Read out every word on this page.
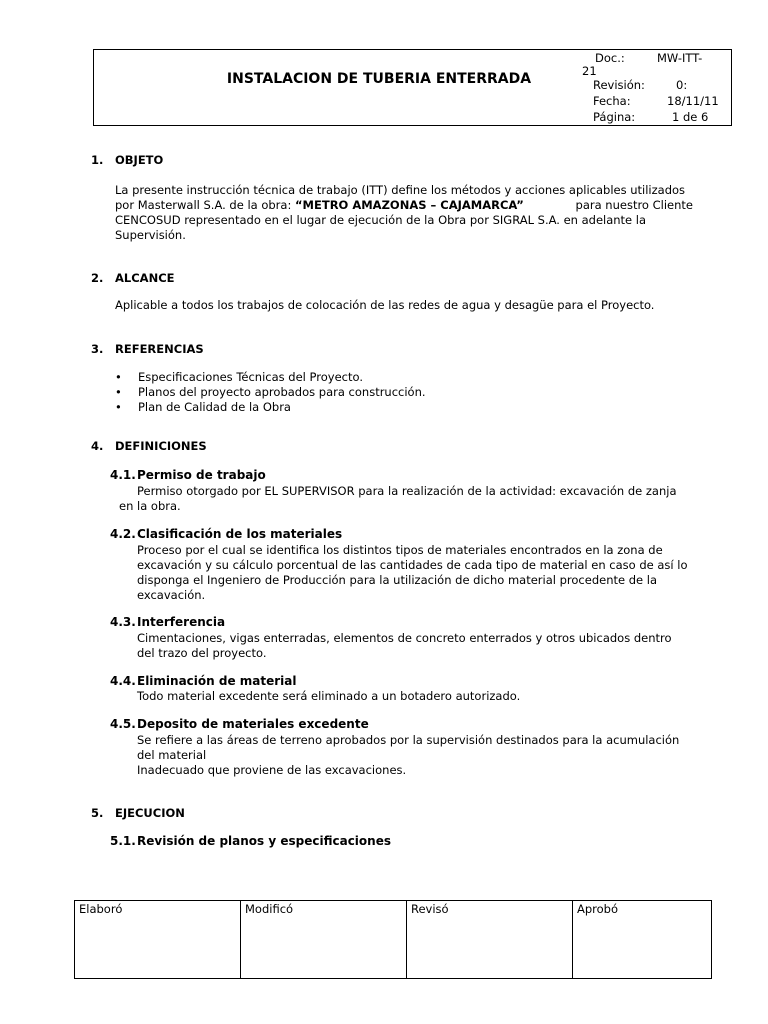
INSTALACION DE TUBERIA ENTERRADA
Doc.:	MW-ITT-
21
Revisión:	0:
Fecha:	18/11/11
Página:	1 de 6
1. OBJETO
La presente instrucción técnica de trabajo (ITT) define los métodos y acciones aplicables utilizados
por Masterwall S.A. de la obra: “METRO AMAZONAS – CAJAMARCA”	para nuestro Cliente
CENCOSUD representado en el lugar de ejecución de la Obra por SIGRAL S.A. en adelante la
Supervisión.
2. ALCANCE
Aplicable a todos los trabajos de colocación de las redes de agua y desagüe para el Proyecto.
3. REFERENCIAS
• Especificaciones Técnicas del Proyecto.
• Planos del proyecto aprobados para construcción.
• Plan de Calidad de la Obra
4. DEFINICIONES
4.1.Permiso de trabajo
Permiso otorgado por EL SUPERVISOR para la realización de la actividad: excavación de zanja
en la obra.
4.2.Clasificación de los materiales
Proceso por el cual se identifica los distintos tipos de materiales encontrados en la zona de
excavación y su cálculo porcentual de las cantidades de cada tipo de material en caso de así lo
disponga el Ingeniero de Producción para la utilización de dicho material procedente de la
excavación.
4.3.Interferencia
Cimentaciones, vigas enterradas, elementos de concreto enterrados y otros ubicados dentro
del trazo del proyecto.
4.4.Eliminación de material
Todo material excedente será eliminado a un botadero autorizado.
4.5.Deposito de materiales excedente
Se refiere a las áreas de terreno aprobados por la supervisión destinados para la acumulación
del material
Inadecuado que proviene de las excavaciones.
5. EJECUCION
5.1.Revisión de planos y especificaciones
Elaboró	Modificó	Revisó	Aprobó
